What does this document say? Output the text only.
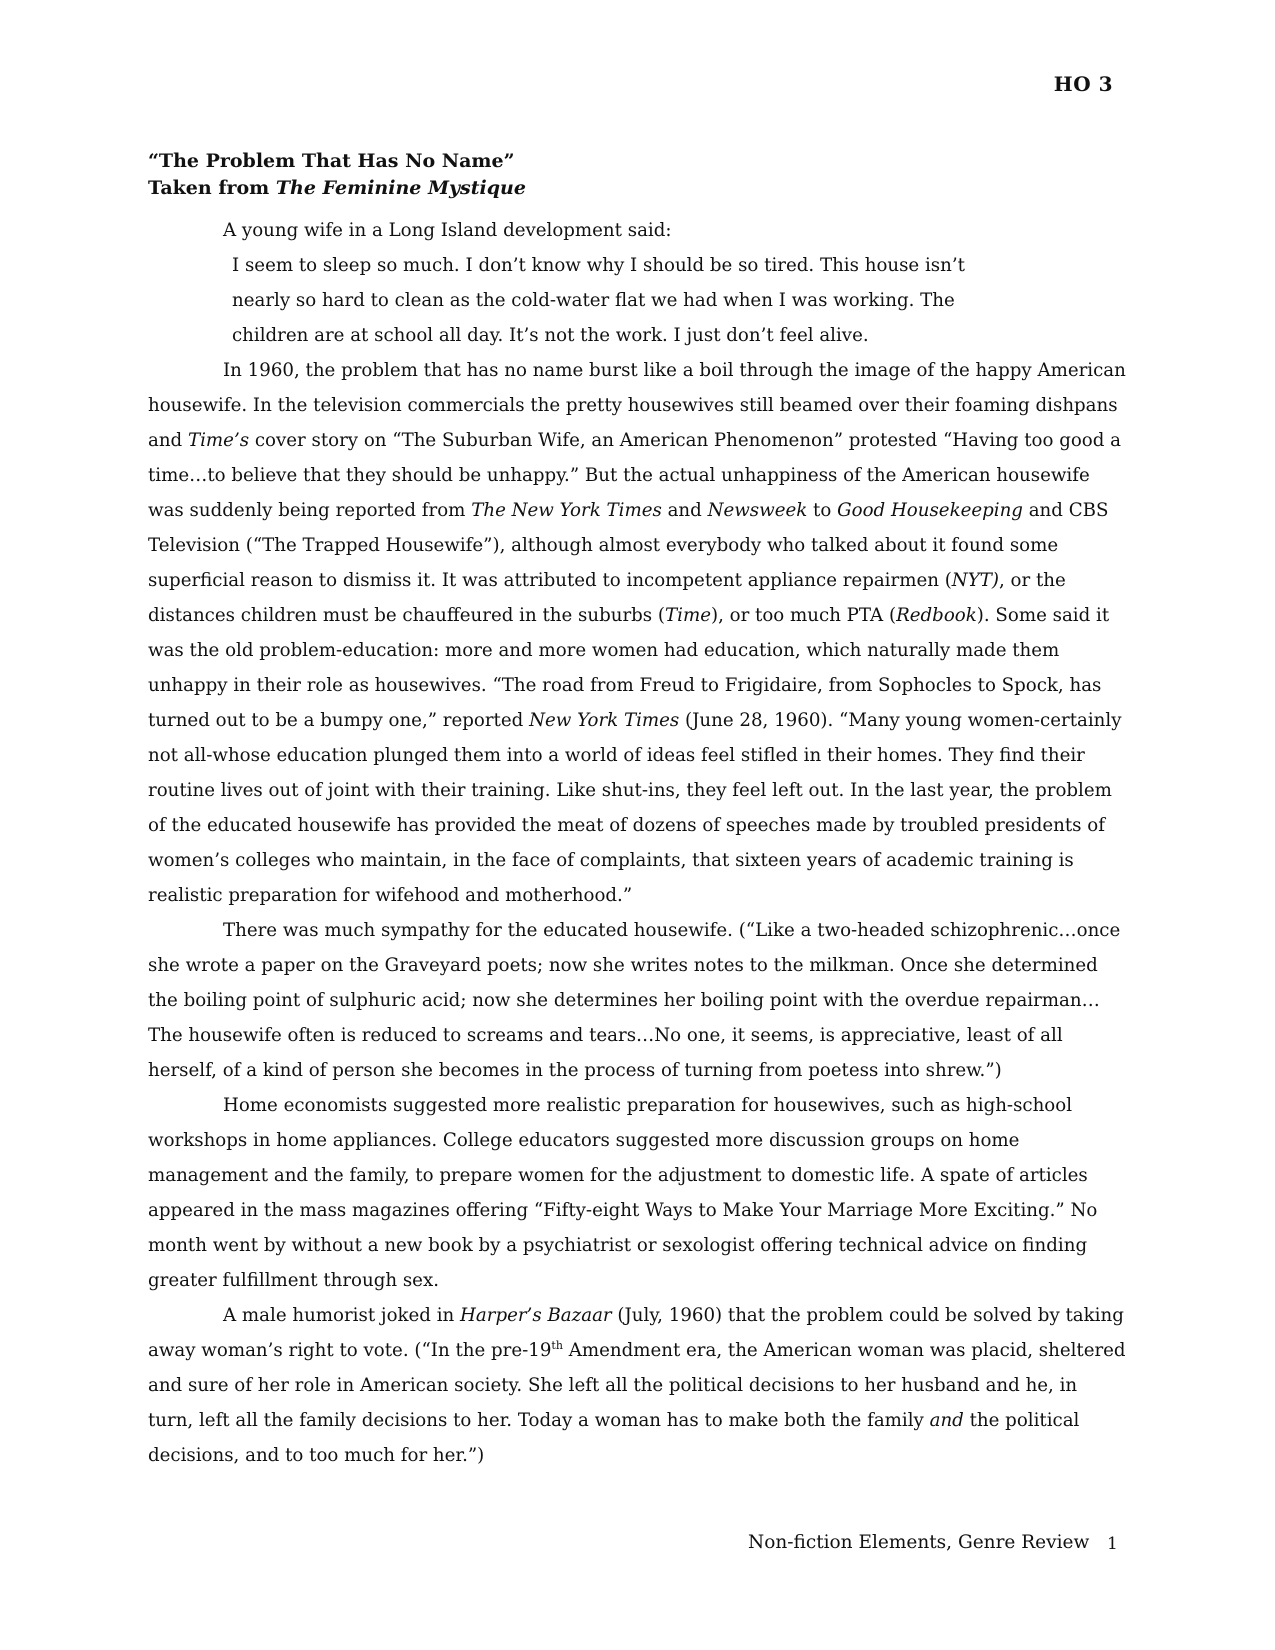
HO 3
“The Problem That Has No Name”
Taken from The Feminine Mystique

A young wife in a Long Island development said:

I seem to sleep so much. I don’t know why I should be so tired. This house isn’t nearly so hard to clean as the cold-water flat we had when I was working. The children are at school all day. It’s not the work. I just don’t feel alive.

In 1960, the problem that has no name burst like a boil through the image of the happy American housewife. In the television commercials the pretty housewives still beamed over their foaming dishpans and Time’s cover story on “The Suburban Wife, an American Phenomenon” protested “Having too good a time…to believe that they should be unhappy.” But the actual unhappiness of the American housewife was suddenly being reported from The New York Times and Newsweek to Good Housekeeping and CBS Television (“The Trapped Housewife”), although almost everybody who talked about it found some superficial reason to dismiss it. It was attributed to incompetent appliance repairmen (NYT), or the distances children must be chauffeured in the suburbs (Time), or too much PTA (Redbook). Some said it was the old problem-education: more and more women had education, which naturally made them unhappy in their role as housewives. “The road from Freud to Frigidaire, from Sophocles to Spock, has turned out to be a bumpy one,” reported New York Times (June 28, 1960). “Many young women-certainly not all-whose education plunged them into a world of ideas feel stifled in their homes. They find their routine lives out of joint with their training. Like shut-ins, they feel left out. In the last year, the problem of the educated housewife has provided the meat of dozens of speeches made by troubled presidents of women’s colleges who maintain, in the face of complaints, that sixteen years of academic training is realistic preparation for wifehood and motherhood.”

There was much sympathy for the educated housewife. (“Like a two-headed schizophrenic…once she wrote a paper on the Graveyard poets; now she writes notes to the milkman. Once she determined the boiling point of sulphuric acid; now she determines her boiling point with the overdue repairman…The housewife often is reduced to screams and tears…No one, it seems, is appreciative, least of all herself, of a kind of person she becomes in the process of turning from poetess into shrew.”)

Home economists suggested more realistic preparation for housewives, such as high-school workshops in home appliances. College educators suggested more discussion groups on home management and the family, to prepare women for the adjustment to domestic life. A spate of articles appeared in the mass magazines offering “Fifty-eight Ways to Make Your Marriage More Exciting.” No month went by without a new book by a psychiatrist or sexologist offering technical advice on finding greater fulfillment through sex.

A male humorist joked in Harper’s Bazaar (July, 1960) that the problem could be solved by taking away woman’s right to vote. (“In the pre-19th Amendment era, the American woman was placid, sheltered and sure of her role in American society. She left all the political decisions to her husband and he, in turn, left all the family decisions to her. Today a woman has to make both the family and the political decisions, and to too much for her.”)

Non-fiction Elements, Genre Review 1
